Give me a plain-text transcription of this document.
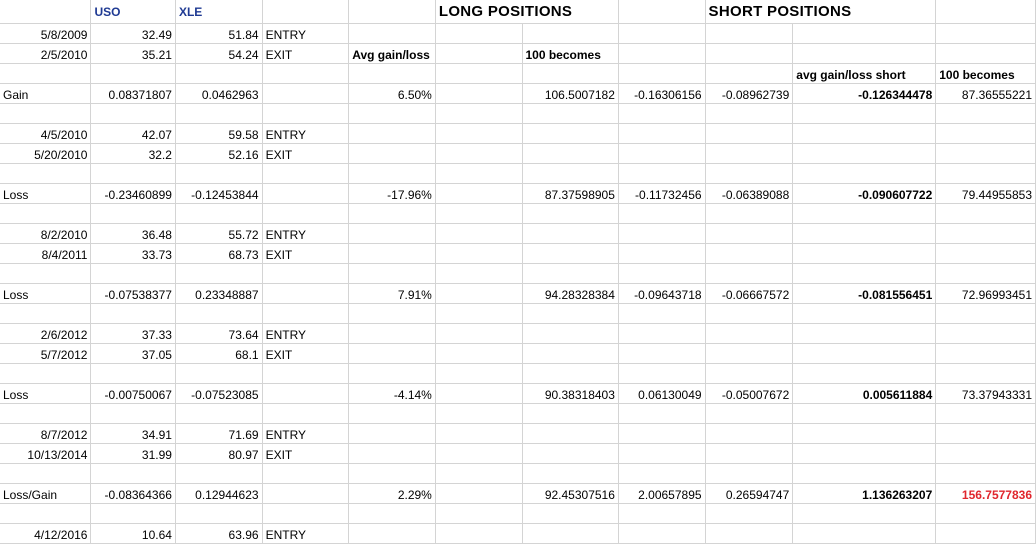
	USO	XLE			LONG POSITIONS			SHORT POSITIONS		
5/8/2009	32.49	51.84	ENTRY							
2/5/2010	35.21	54.24	EXIT	Avg gain/loss		100 becomes				
									avg gain/loss short	100 becomes
Gain	0.08371807	0.0462963		6.50%		106.5007182	-0.16306156	-0.08962739	-0.126344478	87.36555221

4/5/2010	42.07	59.58	ENTRY							
5/20/2010	32.2	52.16	EXIT							

Loss	-0.23460899	-0.12453844		-17.96%		87.37598905	-0.11732456	-0.06389088	-0.090607722	79.44955853

8/2/2010	36.48	55.72	ENTRY							
8/4/2011	33.73	68.73	EXIT							

Loss	-0.07538377	0.23348887		7.91%		94.28328384	-0.09643718	-0.06667572	-0.081556451	72.96993451

2/6/2012	37.33	73.64	ENTRY							
5/7/2012	37.05	68.1	EXIT							

Loss	-0.00750067	-0.07523085		-4.14%		90.38318403	0.06130049	-0.05007672	0.005611884	73.37943331

8/7/2012	34.91	71.69	ENTRY							
10/13/2014	31.99	80.97	EXIT							

Loss/Gain	-0.08364366	0.12944623		2.29%		92.45307516	2.00657895	0.26594747	1.136263207	156.7577836

4/12/2016	10.64	63.96	ENTRY							
